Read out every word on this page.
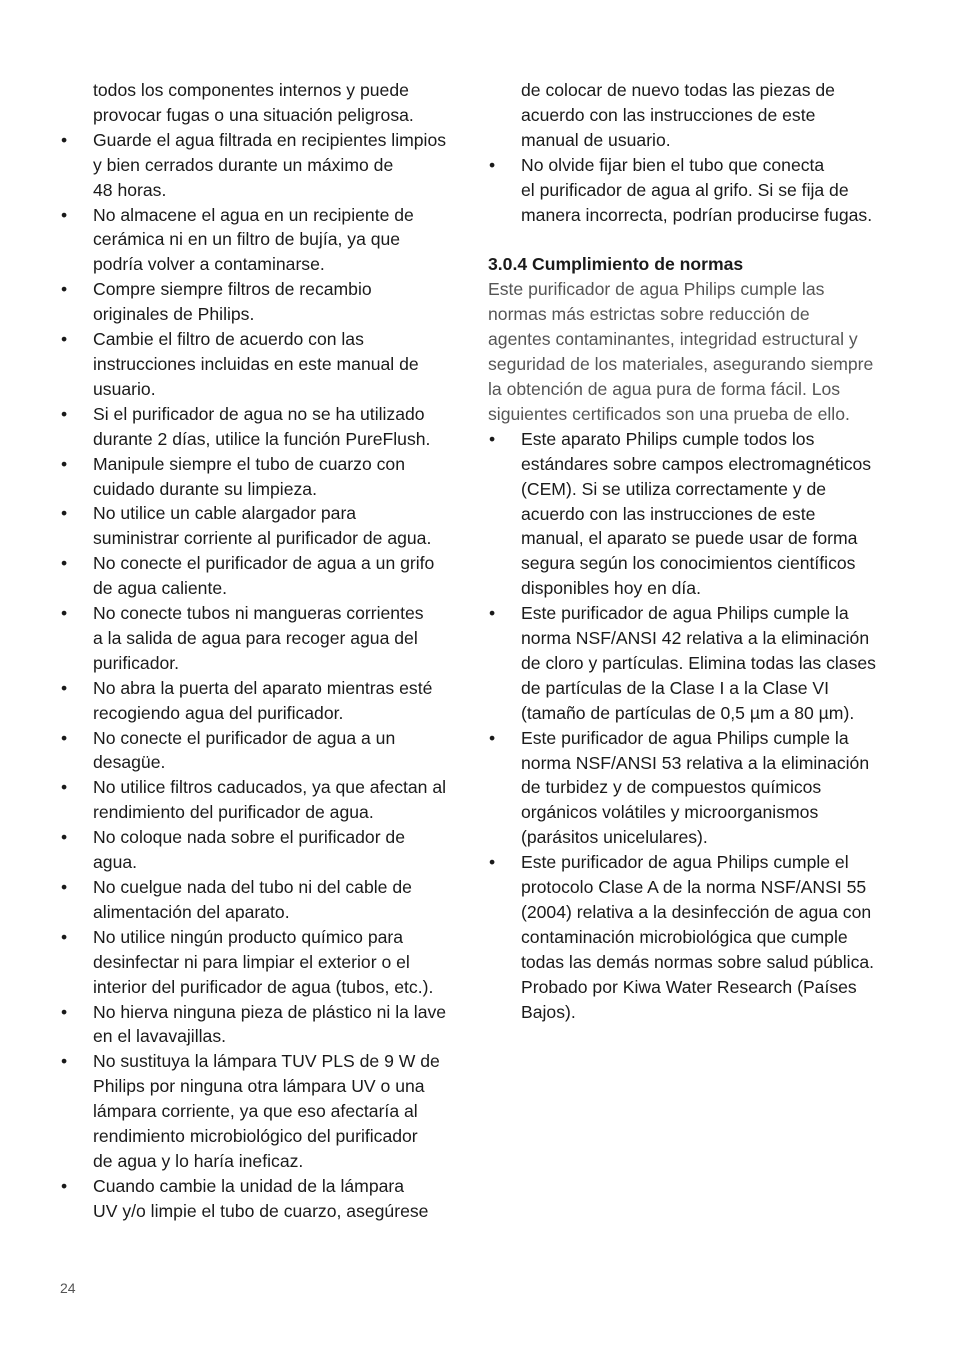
todos los componentes internos y puede
provocar fugas o una situación peligrosa.
• Guarde el agua filtrada en recipientes limpios
y bien cerrados durante un máximo de
48 horas.
• No almacene el agua en un recipiente de
cerámica ni en un filtro de bujía, ya que
podría volver a contaminarse.
• Compre siempre filtros de recambio
originales de Philips.
• Cambie el filtro de acuerdo con las
instrucciones incluidas en este manual de
usuario.
• Si el purificador de agua no se ha utilizado
durante 2 días, utilice la función PureFlush.
• Manipule siempre el tubo de cuarzo con
cuidado durante su limpieza.
• No utilice un cable alargador para
suministrar corriente al purificador de agua.
• No conecte el purificador de agua a un grifo
de agua caliente.
• No conecte tubos ni mangueras corrientes
a la salida de agua para recoger agua del
purificador.
• No abra la puerta del aparato mientras esté
recogiendo agua del purificador.
• No conecte el purificador de agua a un
desagüe.
• No utilice filtros caducados, ya que afectan al
rendimiento del purificador de agua.
• No coloque nada sobre el purificador de
agua.
• No cuelgue nada del tubo ni del cable de
alimentación del aparato.
• No utilice ningún producto químico para
desinfectar ni para limpiar el exterior o el
interior del purificador de agua (tubos, etc.).
• No hierva ninguna pieza de plástico ni la lave
en el lavavajillas.
• No sustituya la lámpara TUV PLS de 9 W de
Philips por ninguna otra lámpara UV o una
lámpara corriente, ya que eso afectaría al
rendimiento microbiológico del purificador
de agua y lo haría ineficaz.
• Cuando cambie la unidad de la lámpara
UV y/o limpie el tubo de cuarzo, asegúrese
de colocar de nuevo todas las piezas de
acuerdo con las instrucciones de este
manual de usuario.
• No olvide fijar bien el tubo que conecta
el purificador de agua al grifo. Si se fija de
manera incorrecta, podrían producirse fugas.
3.0.4 Cumplimiento de normas
Este purificador de agua Philips cumple las
normas más estrictas sobre reducción de
agentes contaminantes, integridad estructural y
seguridad de los materiales, asegurando siempre
la obtención de agua pura de forma fácil. Los
siguientes certificados son una prueba de ello.
• Este aparato Philips cumple todos los
estándares sobre campos electromagnéticos
(CEM). Si se utiliza correctamente y de
acuerdo con las instrucciones de este
manual, el aparato se puede usar de forma
segura según los conocimientos científicos
disponibles hoy en día.
• Este purificador de agua Philips cumple la
norma NSF/ANSI 42 relativa a la eliminación
de cloro y partículas. Elimina todas las clases
de partículas de la Clase I a la Clase VI
(tamaño de partículas de 0,5 µm a 80 µm).
• Este purificador de agua Philips cumple la
norma NSF/ANSI 53 relativa a la eliminación
de turbidez y de compuestos químicos
orgánicos volátiles y microorganismos
(parásitos unicelulares).
• Este purificador de agua Philips cumple el
protocolo Clase A de la norma NSF/ANSI 55
(2004) relativa a la desinfección de agua con
contaminación microbiológica que cumple
todas las demás normas sobre salud pública.
Probado por Kiwa Water Research (Países
Bajos).
24
